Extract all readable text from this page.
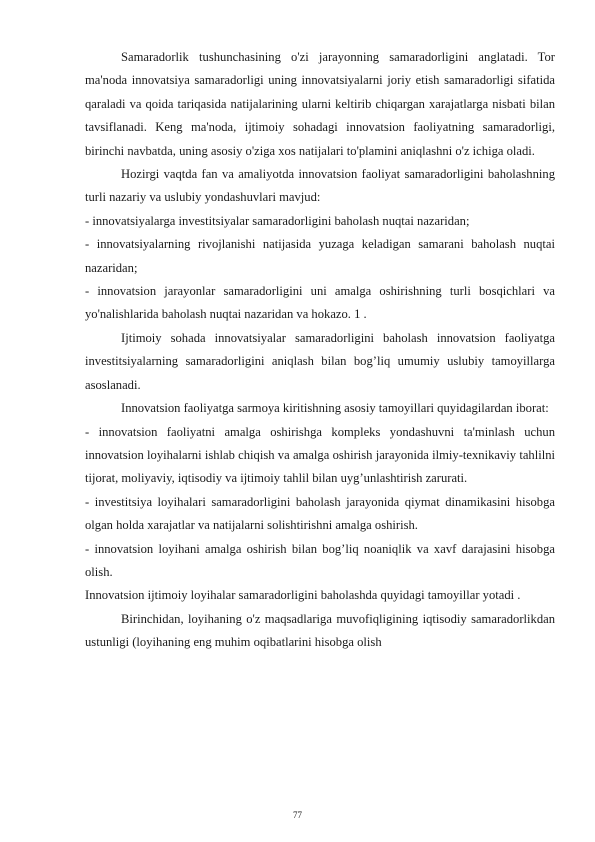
Samaradorlik tushunchasining o'zi jarayonning samaradorligini anglatadi. Tor ma'noda innovatsiya samaradorligi uning innovatsiyalarni joriy etish samaradorligi sifatida qaraladi va qoida tariqasida natijalarining ularni keltirib chiqargan xarajatlarga nisbati bilan tavsiflanadi. Keng ma'noda, ijtimoiy sohadagi innovatsion faoliyatning samaradorligi, birinchi navbatda, uning asosiy o'ziga xos natijalari to'plamini aniqlashni o'z ichiga oladi.

Hozirgi vaqtda fan va amaliyotda innovatsion faoliyat samaradorligini baholashning turli nazariy va uslubiy yondashuvlari mavjud:

- innovatsiyalarga investitsiyalar samaradorligini baholash nuqtai nazaridan;

- innovatsiyalarning rivojlanishi natijasida yuzaga keladigan samarani baholash nuqtai nazaridan;

- innovatsion jarayonlar samaradorligini uni amalga oshirishning turli bosqichlari va yo'nalishlarida baholash nuqtai nazaridan va hokazo. 1 .

Ijtimoiy sohada innovatsiyalar samaradorligini baholash innovatsion faoliyatga investitsiyalarning samaradorligini aniqlash bilan bog’liq umumiy uslubiy tamoyillarga asoslanadi.

Innovatsion faoliyatga sarmoya kiritishning asosiy tamoyillari quyidagilardan iborat:

- innovatsion faoliyatni amalga oshirishga kompleks yondashuvni ta'minlash uchun innovatsion loyihalarni ishlab chiqish va amalga oshirish jarayonida ilmiy-texnikaviy tahlilni tijorat, moliyaviy, iqtisodiy va ijtimoiy tahlil bilan uyg’unlashtirish zarurati.

- investitsiya loyihalari samaradorligini baholash jarayonida qiymat dinamikasini hisobga olgan holda xarajatlar va natijalarni solishtirishni amalga oshirish.

- innovatsion loyihani amalga oshirish bilan bog’liq noaniqlik va xavf darajasini hisobga olish.

Innovatsion ijtimoiy loyihalar samaradorligini baholashda quyidagi tamoyillar yotadi .

Birinchidan, loyihaning o'z maqsadlariga muvofiqligining iqtisodiy samaradorlikdan ustunligi (loyihaning eng muhim oqibatlarini hisobga olish

77
